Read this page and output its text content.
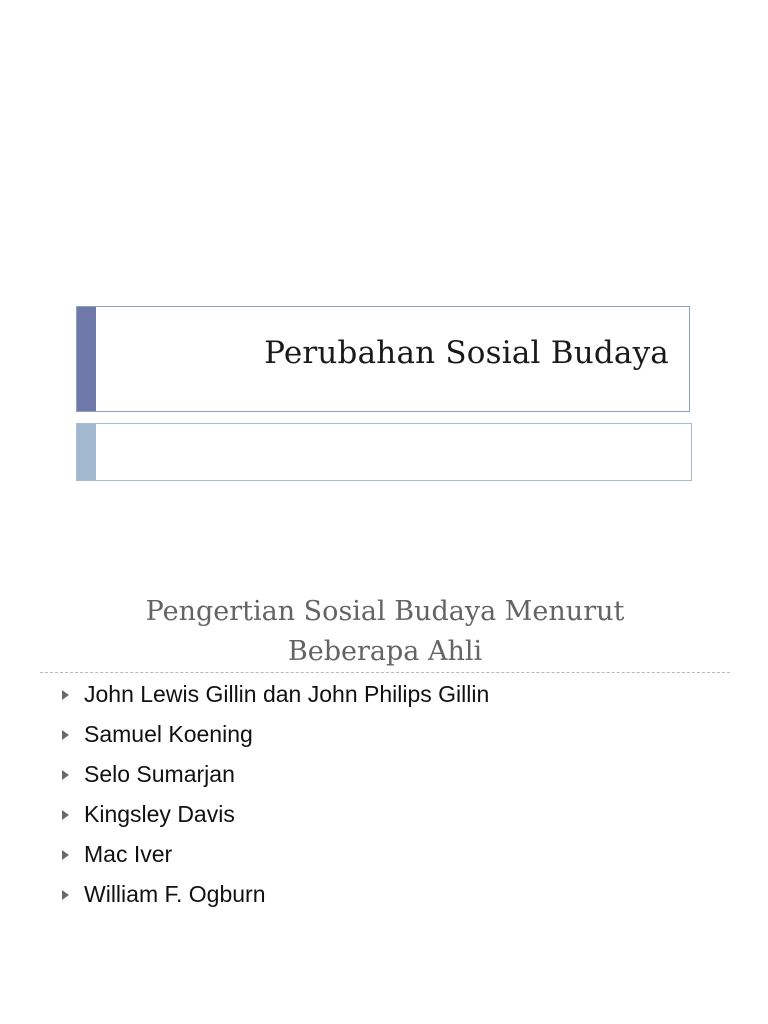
Perubahan Sosial Budaya
Pengertian Sosial Budaya Menurut
Beberapa Ahli
John Lewis Gillin dan John Philips Gillin
Samuel Koening
Selo Sumarjan
Kingsley Davis
Mac Iver
William F. Ogburn
